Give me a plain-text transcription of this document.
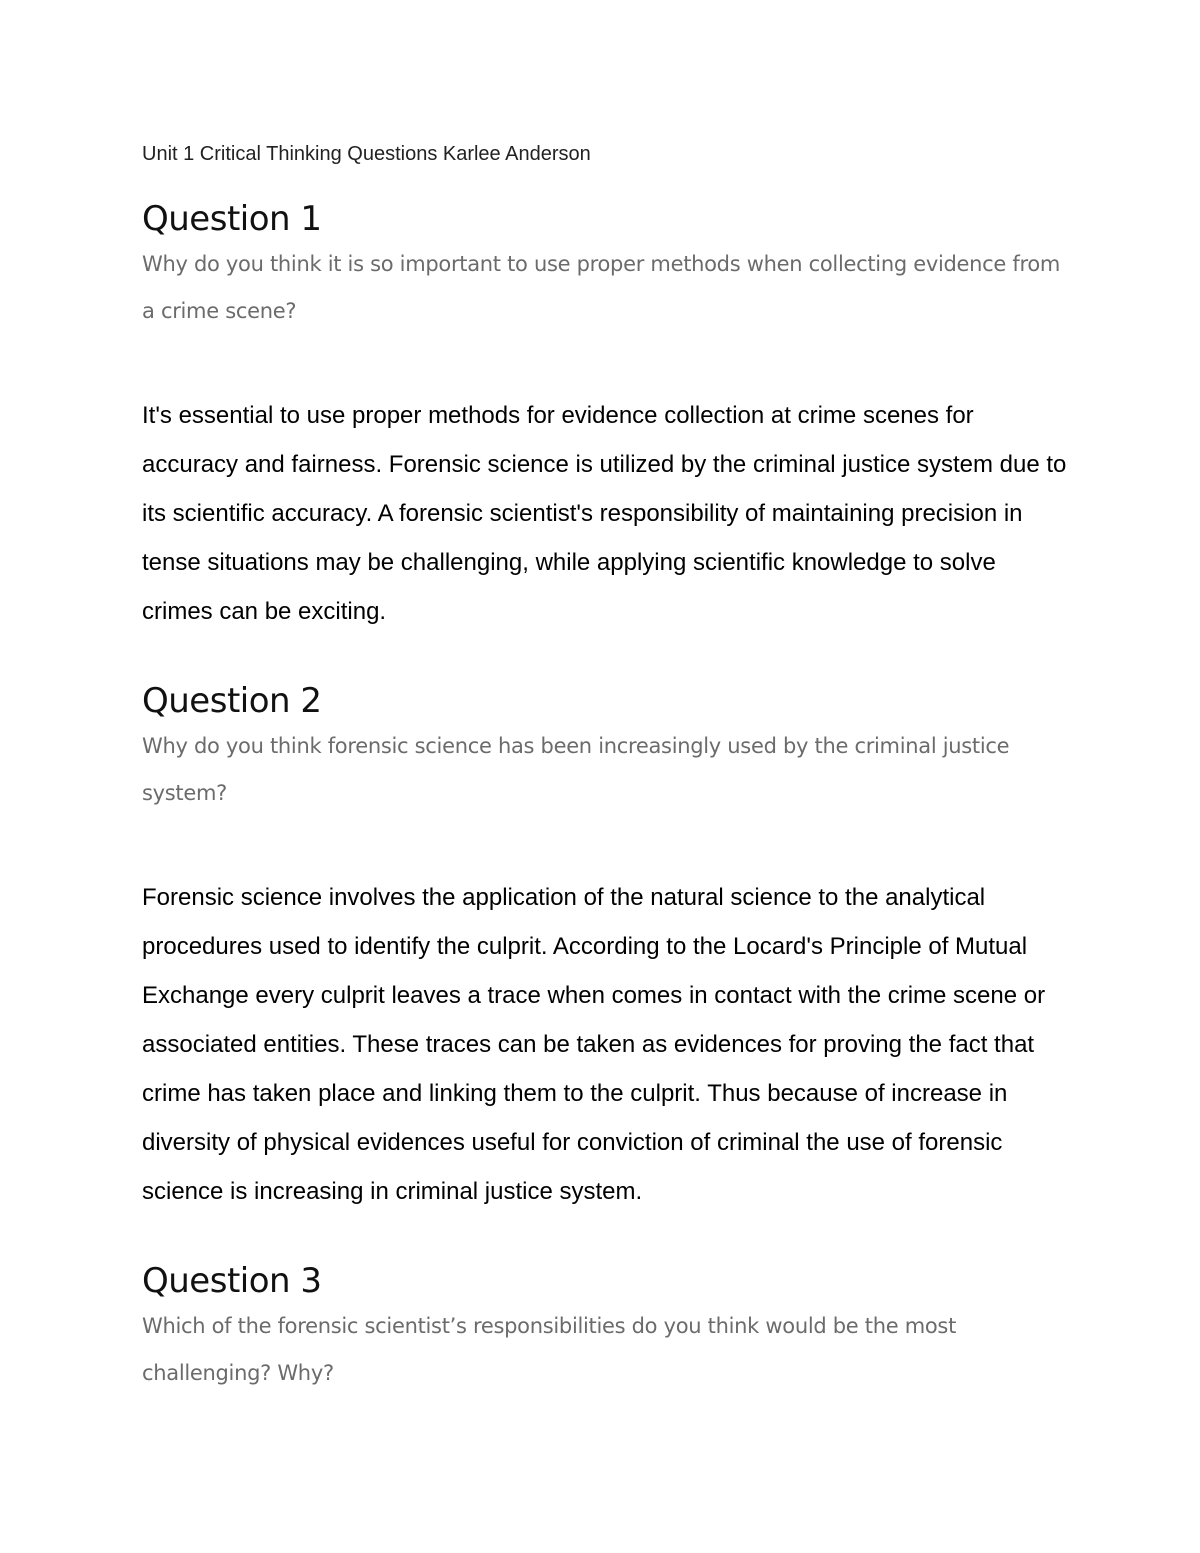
Unit 1 Critical Thinking Questions Karlee Anderson

Question 1

Why do you think it is so important to use proper methods when collecting evidence from a crime scene?

It's essential to use proper methods for evidence collection at crime scenes for accuracy and fairness. Forensic science is utilized by the criminal justice system due to its scientific accuracy. A forensic scientist's responsibility of maintaining precision in tense situations may be challenging, while applying scientific knowledge to solve crimes can be exciting.

Question 2

Why do you think forensic science has been increasingly used by the criminal justice system?

Forensic science involves the application of the natural science to the analytical procedures used to identify the culprit. According to the Locard's Principle of Mutual Exchange every culprit leaves a trace when comes in contact with the crime scene or associated entities. These traces can be taken as evidences for proving the fact that crime has taken place and linking them to the culprit. Thus because of increase in diversity of physical evidences useful for conviction of criminal the use of forensic science is increasing in criminal justice system.

Question 3

Which of the forensic scientist’s responsibilities do you think would be the most challenging? Why?
